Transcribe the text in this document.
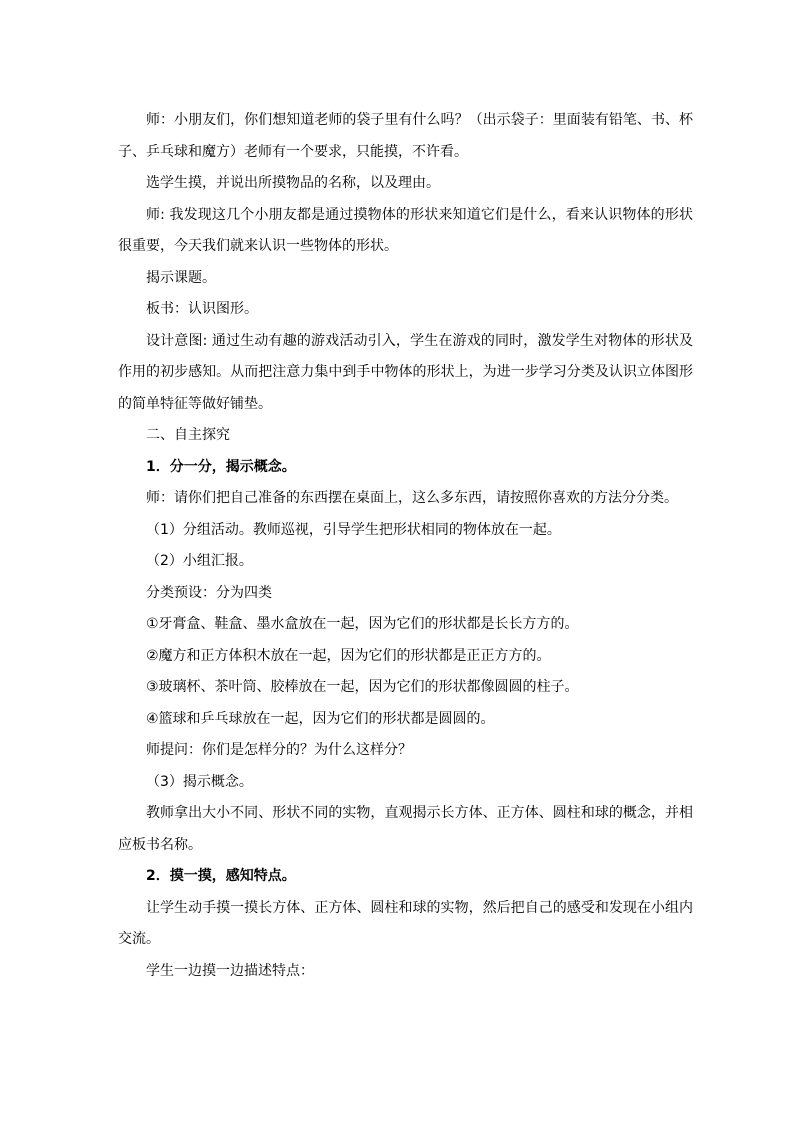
师：小朋友们，你们想知道老师的袋子里有什么吗？（出示袋子：里面装有铅笔、书、杯子、乒乓球和魔方）老师有一个要求，只能摸，不许看。

选学生摸，并说出所摸物品的名称，以及理由。

师: 我发现这几个小朋友都是通过摸物体的形状来知道它们是什么，看来认识物体的形状很重要，今天我们就来认识一些物体的形状。

揭示课题。

板书：认识图形。

设计意图: 通过生动有趣的游戏活动引入，学生在游戏的同时，激发学生对物体的形状及作用的初步感知。从而把注意力集中到手中物体的形状上，为进一步学习分类及认识立体图形的简单特征等做好铺垫。

二、自主探究

1．分一分，揭示概念。

师：请你们把自己准备的东西摆在桌面上，这么多东西，请按照你喜欢的方法分分类。

（1）分组活动。教师巡视，引导学生把形状相同的物体放在一起。

（2）小组汇报。

分类预设：分为四类

①牙膏盒、鞋盒、墨水盒放在一起，因为它们的形状都是长长方方的。

②魔方和正方体积木放在一起，因为它们的形状都是正正方方的。

③玻璃杯、茶叶筒、胶棒放在一起，因为它们的形状都像圆圆的柱子。

④篮球和乒乓球放在一起，因为它们的形状都是圆圆的。

师提问：你们是怎样分的？为什么这样分？

（3）揭示概念。

教师拿出大小不同、形状不同的实物，直观揭示长方体、正方体、圆柱和球的概念，并相应板书名称。

2．摸一摸，感知特点。

让学生动手摸一摸长方体、正方体、圆柱和球的实物，然后把自己的感受和发现在小组内交流。

学生一边摸一边描述特点：
